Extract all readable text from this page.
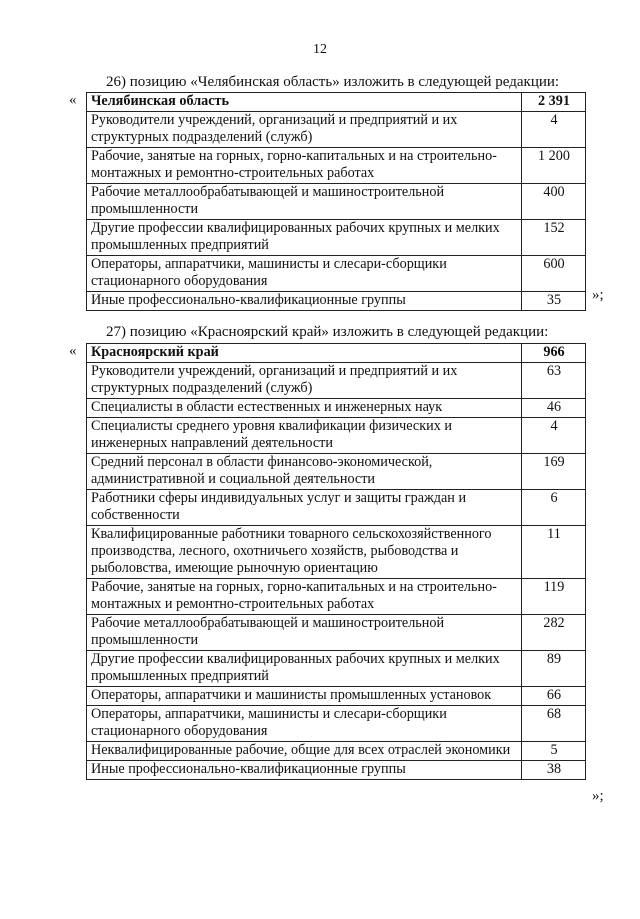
12
26) позицию «Челябинская область» изложить в следующей редакции:
« Челябинская область	2 391
Руководители учреждений, организаций и предприятий и их структурных подразделений (служб)	4
Рабочие, занятые на горных, горно-капитальных и на строительно-монтажных и ремонтно-строительных работах	1 200
Рабочие металлообрабатывающей и машиностроительной промышленности	400
Другие профессии квалифицированных рабочих крупных и мелких промышленных предприятий	152
Операторы, аппаратчики, машинисты и слесари-сборщики стационарного оборудования	600
Иные профессионально-квалификационные группы	35 »;
27) позицию «Красноярский край» изложить в следующей редакции:
« Красноярский край	966
Руководители учреждений, организаций и предприятий и их структурных подразделений (служб)	63
Специалисты в области естественных и инженерных наук	46
Специалисты среднего уровня квалификации физических и инженерных направлений деятельности	4
Средний персонал в области финансово-экономической, административной и социальной деятельности	169
Работники сферы индивидуальных услуг и защиты граждан и собственности	6
Квалифицированные работники товарного сельскохозяйственного производства, лесного, охотничьего хозяйств, рыбоводства и рыболовства, имеющие рыночную ориентацию	11
Рабочие, занятые на горных, горно-капитальных и на строительно-монтажных и ремонтно-строительных работах	119
Рабочие металлообрабатывающей и машиностроительной промышленности	282
Другие профессии квалифицированных рабочих крупных и мелких промышленных предприятий	89
Операторы, аппаратчики и машинисты промышленных установок	66
Операторы, аппаратчики, машинисты и слесари-сборщики стационарного оборудования	68
Неквалифицированные рабочие, общие для всех отраслей экономики	5
Иные профессионально-квалификационные группы	38
»;
